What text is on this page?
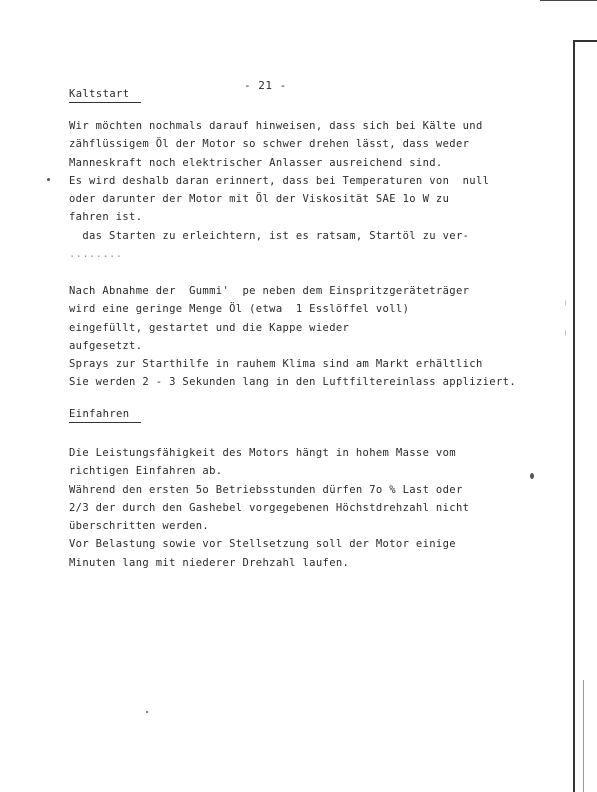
- 21 -
Kaltstart
Wir möchten nochmals darauf hinweisen, dass sich bei Kälte und
zähflüssigem Öl der Motor so schwer drehen lässt, dass weder
Manneskraft noch elektrischer Anlasser ausreichend sind.
Es wird deshalb daran erinnert, dass bei Temperaturen von  null
oder darunter der Motor mit Öl der Viskosität SAE 1o W zu
fahren ist.
das Starten zu erleichtern, ist es ratsam, Startöl zu ver-
........
Nach Abnahme der  Gummi'  pe neben dem Einspritzgeräteträger
wird eine geringe Menge Öl (etwa  1 Esslöffel voll)
eingefüllt, gestartet und die Kappe wieder
aufgesetzt.
Sprays zur Starthilfe in rauhem Klima sind am Markt erhältlich
Sie werden 2 - 3 Sekunden lang in den Luftfiltereinlass appliziert.
Einfahren
Die Leistungsfähigkeit des Motors hängt in hohem Masse vom
richtigen Einfahren ab.
Während den ersten 5o Betriebsstunden dürfen 7o % Last oder
2/3 der durch den Gashebel vorgegebenen Höchstdrehzahl nicht
überschritten werden.
Vor Belastung sowie vor Stellsetzung soll der Motor einige
Minuten lang mit niederer Drehzahl laufen.
